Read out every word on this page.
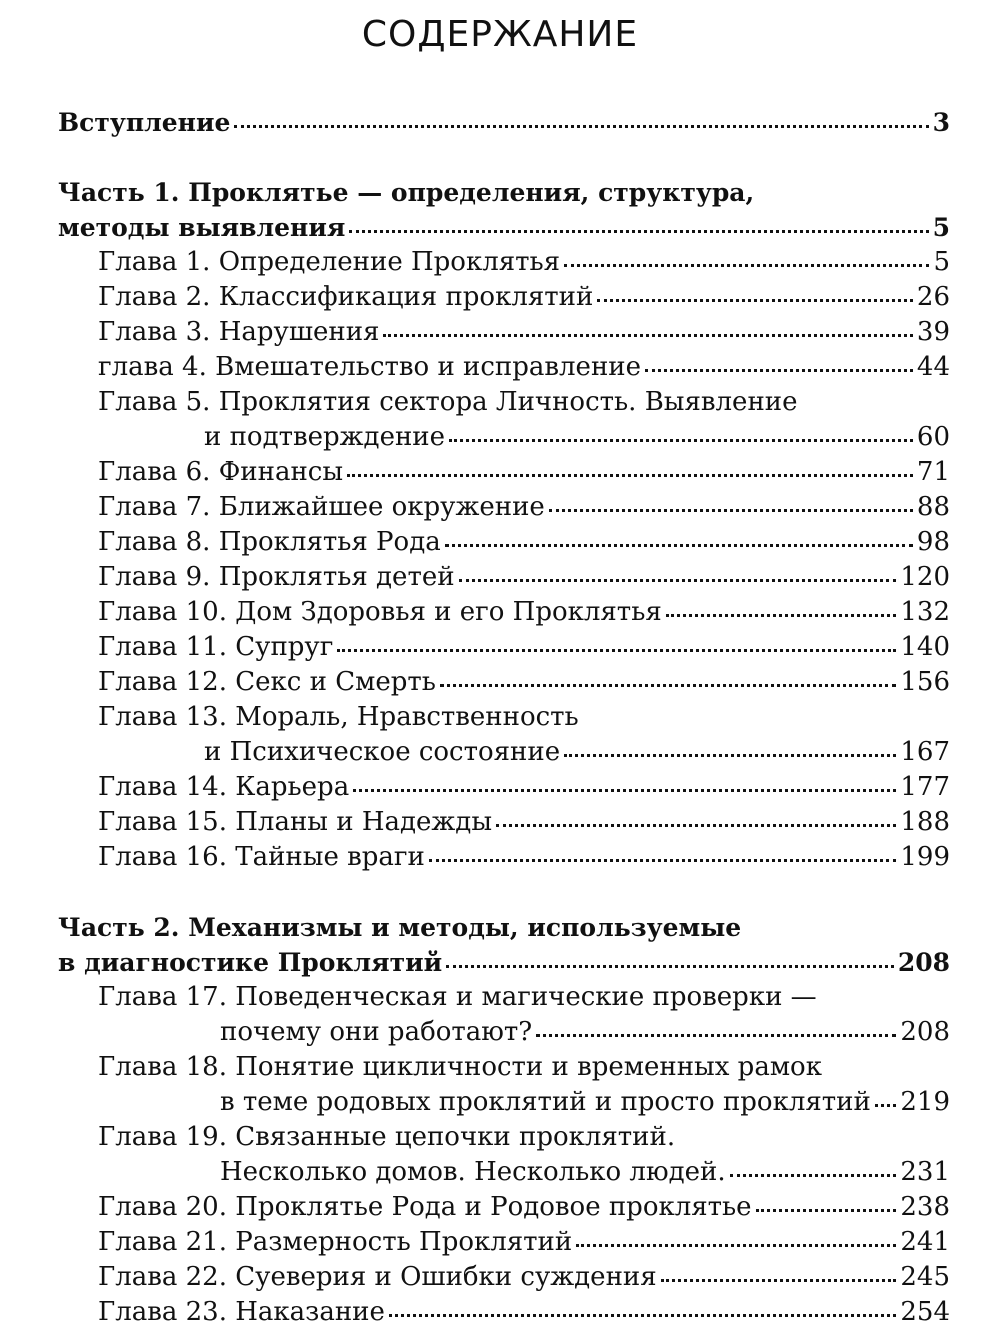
СОДЕРЖАНИЕ
Вступление	3
Часть 1. Проклятье — определения, структура,
методы выявления	5
Глава 1. Определение Проклятья	5
Глава 2. Классификация проклятий	26
Глава 3. Нарушения	39
глава 4. Вмешательство и исправление	44
Глава 5. Проклятия сектора Личность. Выявление
и подтверждение	60
Глава 6. Финансы	71
Глава 7. Ближайшее окружение	88
Глава 8. Проклятья Рода	98
Глава 9. Проклятья детей	120
Глава 10. Дом Здоровья и его Проклятья	132
Глава 11. Супруг	140
Глава 12. Секс и Смерть	156
Глава 13. Мораль, Нравственность
и Психическое состояние	167
Глава 14. Карьера	177
Глава 15. Планы и Надежды	188
Глава 16. Тайные враги	199
Часть 2. Механизмы и методы, используемые
в диагностике Проклятий	208
Глава 17. Поведенческая и магические проверки —
почему они работают?	208
Глава 18. Понятие цикличности и временных рамок
в теме родовых проклятий и просто проклятий 219
Глава 19. Связанные цепочки проклятий.
Несколько домов. Несколько людей.	231
Глава 20. Проклятье Рода и Родовое проклятье	238
Глава 21. Размерность Проклятий	241
Глава 22. Суеверия и Ошибки суждения	245
Глава 23. Наказание	254
